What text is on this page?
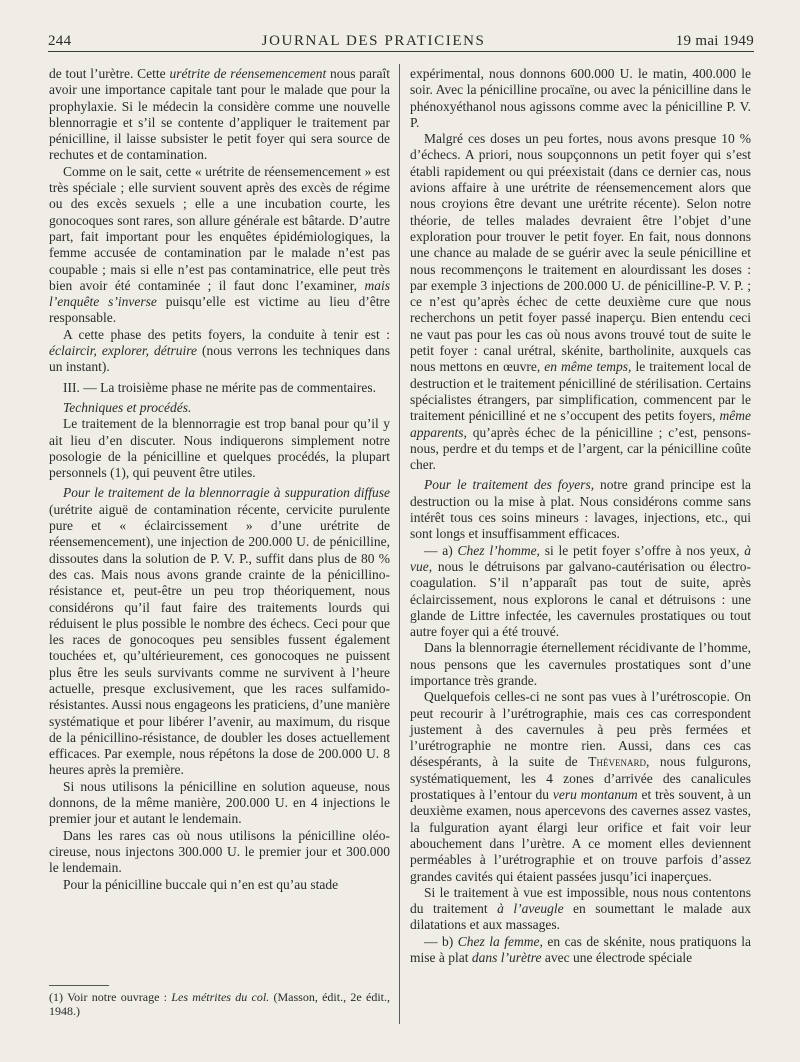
244	JOURNAL DES PRATICIENS	19 mai 1949

de tout l’urètre. Cette urétrite de réensemencement nous paraît avoir une importance capitale tant pour le malade que pour la prophylaxie. Si le médecin la considère comme une nouvelle blennorragie et s’il se contente d’appliquer le traitement par pénicilline, il laisse subsister le petit foyer qui sera source de rechutes et de contamination.

Comme on le sait, cette « urétrite de réensemencement » est très spéciale ; elle survient souvent après des excès de régime ou des excès sexuels ; elle a une incubation courte, les gonocoques sont rares, son allure générale est bâtarde. D’autre part, fait important pour les enquêtes épidémiologiques, la femme accusée de contamination par le malade n’est pas coupable ; mais si elle n’est pas contaminatrice, elle peut très bien avoir été contaminée ; il faut donc l’examiner, mais l’enquête s’inverse puisqu’elle est victime au lieu d’être responsable.

A cette phase des petits foyers, la conduite à tenir est : éclaircir, explorer, détruire (nous verrons les techniques dans un instant).

III. — La troisième phase ne mérite pas de commentaires.

Techniques et procédés.

Le traitement de la blennorragie est trop banal pour qu’il y ait lieu d’en discuter. Nous indiquerons simplement notre posologie de la pénicilline et quelques procédés, la plupart personnels (1), qui peuvent être utiles.

Pour le traitement de la blennorragie à suppuration diffuse (urétrite aiguë de contamination récente, cervicite purulente pure et « éclaircissement » d’une urétrite de réensemencement), une injection de 200.000 U. de pénicilline, dissoutes dans la solution de P. V. P., suffit dans plus de 80 % des cas. Mais nous avons grande crainte de la pénicillino-résistance et, peut-être un peu trop théoriquement, nous considérons qu’il faut faire des traitements lourds qui réduisent le plus possible le nombre des échecs. Ceci pour que les races de gonocoques peu sensibles fussent également touchées et, qu’ultérieurement, ces gonocoques ne puissent plus être les seuls survivants comme ne survivent à l’heure actuelle, presque exclusivement, que les races sulfamido-résistantes. Aussi nous engageons les praticiens, d’une manière systématique et pour libérer l’avenir, au maximum, du risque de la pénicillino-résistance, de doubler les doses actuellement efficaces. Par exemple, nous répétons la dose de 200.000 U. 8 heures après la première.

Si nous utilisons la pénicilline en solution aqueuse, nous donnons, de la même manière, 200.000 U. en 4 injections le premier jour et autant le lendemain.

Dans les rares cas où nous utilisons la pénicilline oléo-cireuse, nous injectons 300.000 U. le premier jour et 300.000 le lendemain.

Pour la pénicilline buccale qui n’en est qu’au stade

expérimental, nous donnons 600.000 U. le matin, 400.000 le soir. Avec la pénicilline procaïne, ou avec la pénicilline dans le phénoxyéthanol nous agissons comme avec la pénicilline P. V. P.

Malgré ces doses un peu fortes, nous avons presque 10 % d’échecs. A priori, nous soupçonnons un petit foyer qui s’est établi rapidement ou qui préexistait (dans ce dernier cas, nous avions affaire à une urétrite de réensemencement alors que nous croyions être devant une urétrite récente). Selon notre théorie, de telles malades devraient être l’objet d’une exploration pour trouver le petit foyer. En fait, nous donnons une chance au malade de se guérir avec la seule pénicilline et nous recommençons le traitement en alourdissant les doses : par exemple 3 injections de 200.000 U. de pénicilline-P. V. P. ; ce n’est qu’après échec de cette deuxième cure que nous recherchons un petit foyer passé inaperçu. Bien entendu ceci ne vaut pas pour les cas où nous avons trouvé tout de suite le petit foyer : canal urétral, skénite, bartholinite, auxquels cas nous mettons en œuvre, en même temps, le traitement local de destruction et le traitement pénicilliné de stérilisation. Certains spécialistes étrangers, par simplification, commencent par le traitement pénicilliné et ne s’occupent des petits foyers, même apparents, qu’après échec de la pénicilline ; c’est, pensons-nous, perdre et du temps et de l’argent, car la pénicilline coûte cher.

Pour le traitement des foyers, notre grand principe est la destruction ou la mise à plat. Nous considérons comme sans intérêt tous ces soins mineurs : lavages, injections, etc., qui sont longs et insuffisamment efficaces.

— a) Chez l’homme, si le petit foyer s’offre à nos yeux, à vue, nous le détruisons par galvano-cautérisation ou électro-coagulation. S’il n’apparaît pas tout de suite, après éclaircissement, nous explorons le canal et détruisons : une glande de Littre infectée, les cavernules prostatiques ou tout autre foyer qui a été trouvé.

Dans la blennorragie éternellement récidivante de l’homme, nous pensons que les cavernules prostatiques sont d’une importance très grande.

Quelquefois celles-ci ne sont pas vues à l’urétroscopie. On peut recourir à l’urétrographie, mais ces cas correspondent justement à des cavernules à peu près fermées et l’urétrographie ne montre rien. Aussi, dans ces cas désespérants, à la suite de Thévenard, nous fulgurons, systématiquement, les 4 zones d’arrivée des canalicules prostatiques à l’entour du veru montanum et très souvent, à un deuxième examen, nous apercevons des cavernes assez vastes, la fulguration ayant élargi leur orifice et fait voir leur abouchement dans l’urètre. A ce moment elles deviennent perméables à l’urétrographie et on trouve parfois d’assez grandes cavités qui étaient passées jusqu’ici inaperçues.

Si le traitement à vue est impossible, nous nous contentons du traitement à l’aveugle en soumettant le malade aux dilatations et aux massages.

— b) Chez la femme, en cas de skénite, nous pratiquons la mise à plat dans l’urètre avec une électrode spéciale

(1) Voir notre ouvrage : Les métrites du col. (Masson, édit., 2e édit., 1948.)
